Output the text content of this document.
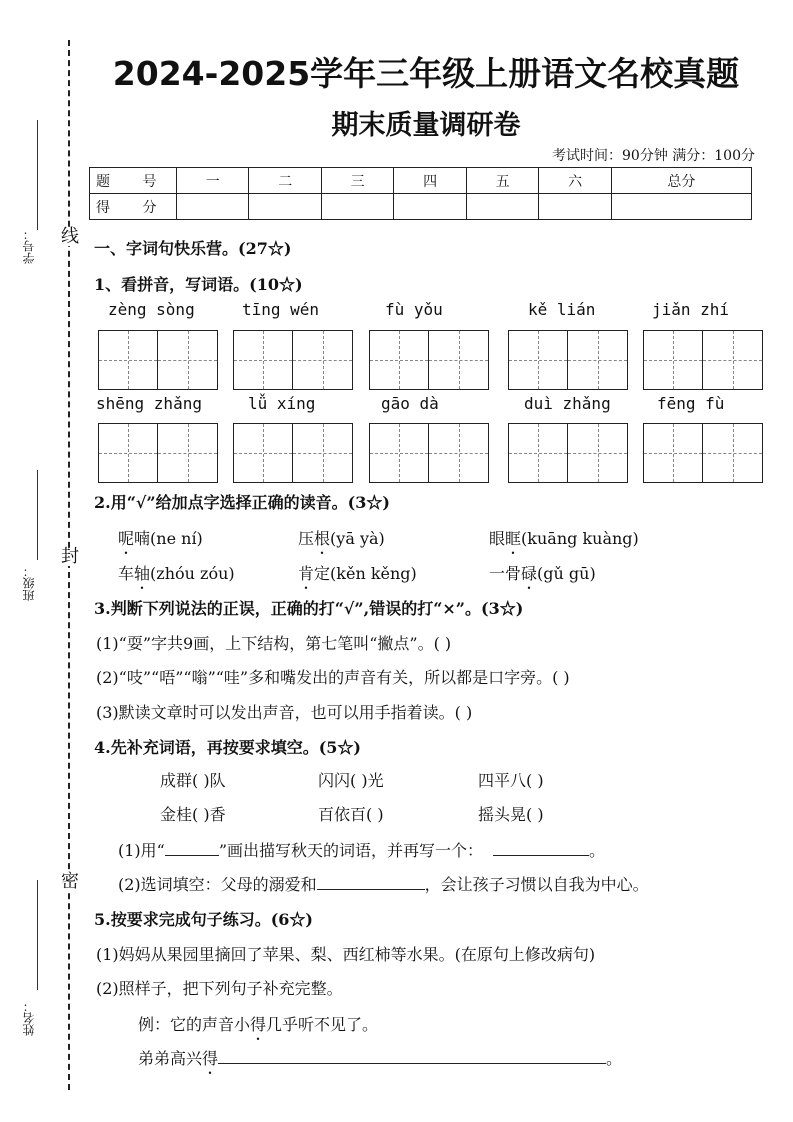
线
封
密
学号：
班级：
姓名：
2024-2025学年三年级上册语文名校真题
期末质量调研卷
考试时间：90分钟 满分：100分
题 号	一	二	三	四	五	六	总分
得 分							
一、字词句快乐营。(27☆)
1、看拼音，写词语。(10☆)
zèng sòng	tīng wén	fù yǒu	kě lián	jiǎn zhí
shēng zhǎng	lǚ xíng	gāo dà	duì zhǎng	fēng fù
2.用“√”给加点字选择正确的读音。(3☆)
呢喃(ne ní)	压根(yā yà)	眼眶(kuāng kuàng)
车轴(zhóu zóu)	肯定(kěn kěng)	一骨碌(gǔ gū)
3.判断下列说法的正误，正确的打“√”,错误的打“×”。(3☆)
(1)“耍”字共9画，上下结构，第七笔叫“撇点”。( )
(2)“吱”“唔”“嗡”“哇”多和嘴发出的声音有关，所以都是口字旁。( )
(3)默读文章时可以发出声音，也可以用手指着读。( )
4.先补充词语，再按要求填空。(5☆)
成群( )队	闪闪( )光	四平八( )
金桂( )香	百依百( )	摇头晃( )
(1)用“	”画出描写秋天的词语，并再写一个：	。
(2)选词填空：父母的溺爱和	，会让孩子习惯以自我为中心。
5.按要求完成句子练习。(6☆)
(1)妈妈从果园里摘回了苹果、梨、西红柿等水果。(在原句上修改病句)
(2)照样子，把下列句子补充完整。
例：它的声音小得几乎听不见了。
弟弟高兴得	。
